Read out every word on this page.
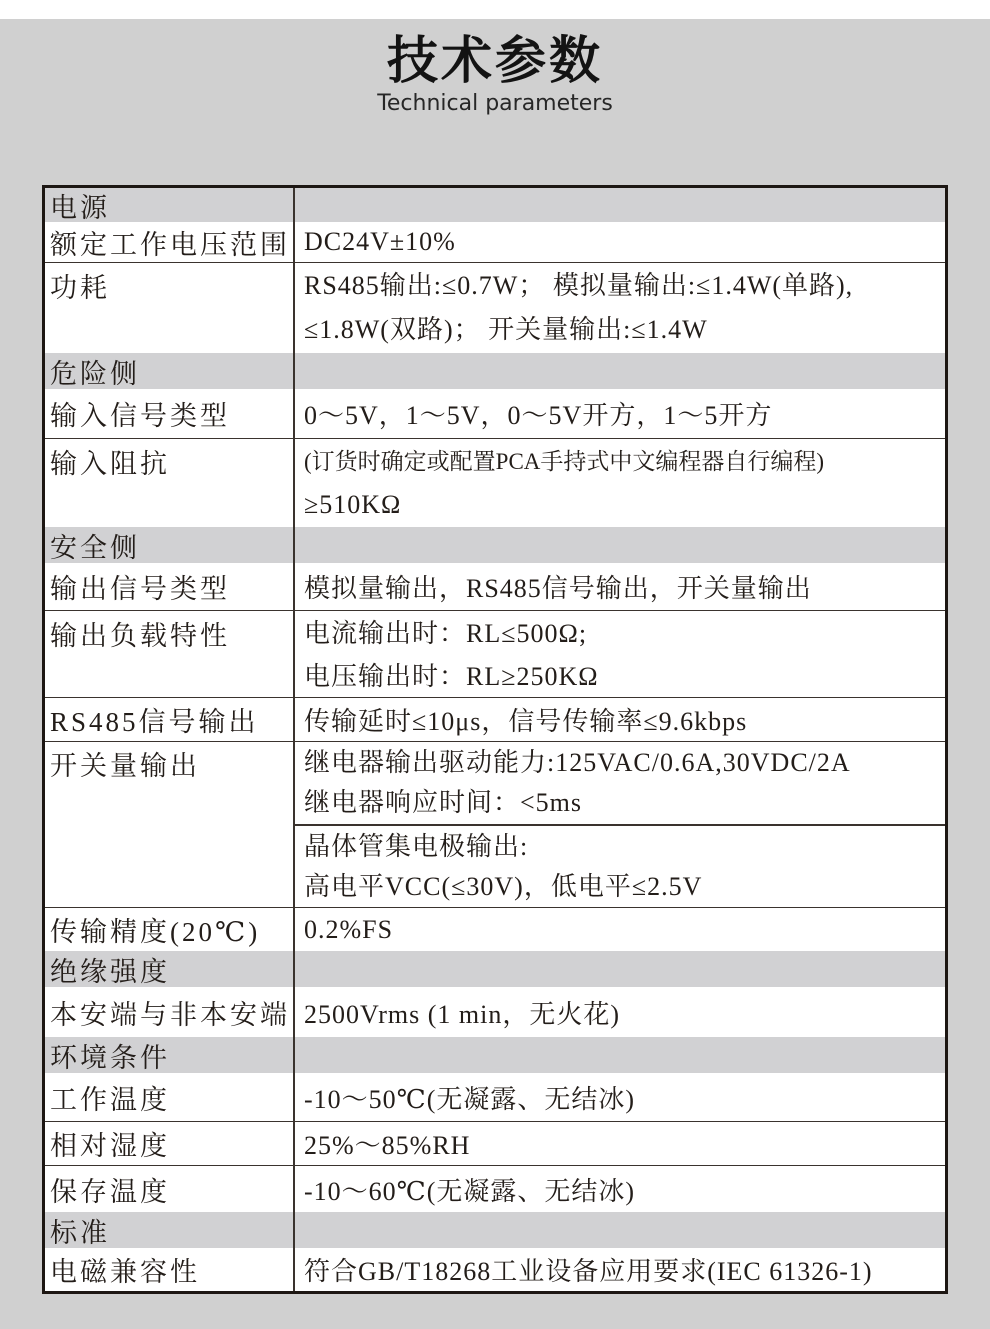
技术参数
Technical parameters
电源
额定工作电压范围 DC24V±10%
功耗	RS485输出:≤0.7W； 模拟量输出:≤1.4W(单路),
≤1.8W(双路)； 开关量输出:≤1.4W
危险侧
输入信号类型	0～5V，1～5V，0～5V开方，1～5开方
输入阻抗	(订货时确定或配置PCA手持式中文编程器自行编程)
≥510KΩ
安全侧
输出信号类型	模拟量输出，RS485信号输出，开关量输出
输出负载特性	电流输出时：RL≤500Ω;
电压输出时：RL≥250KΩ
RS485信号输出	传输延时≤10μs，信号传输率≤9.6kbps
开关量输出	继电器输出驱动能力:125VAC/0.6A,30VDC/2A
继电器响应时间：<5ms
晶体管集电极输出:
高电平VCC(≤30V)，低电平≤2.5V
传输精度(20℃)	0.2%FS
绝缘强度
本安端与非本安端 2500Vrms (1 min，无火花)
环境条件
工作温度	-10～50℃(无凝露、无结冰)
相对湿度	25%～85%RH
保存温度	-10～60℃(无凝露、无结冰)
标准
电磁兼容性	符合GB/T18268工业设备应用要求(IEC 61326-1)
